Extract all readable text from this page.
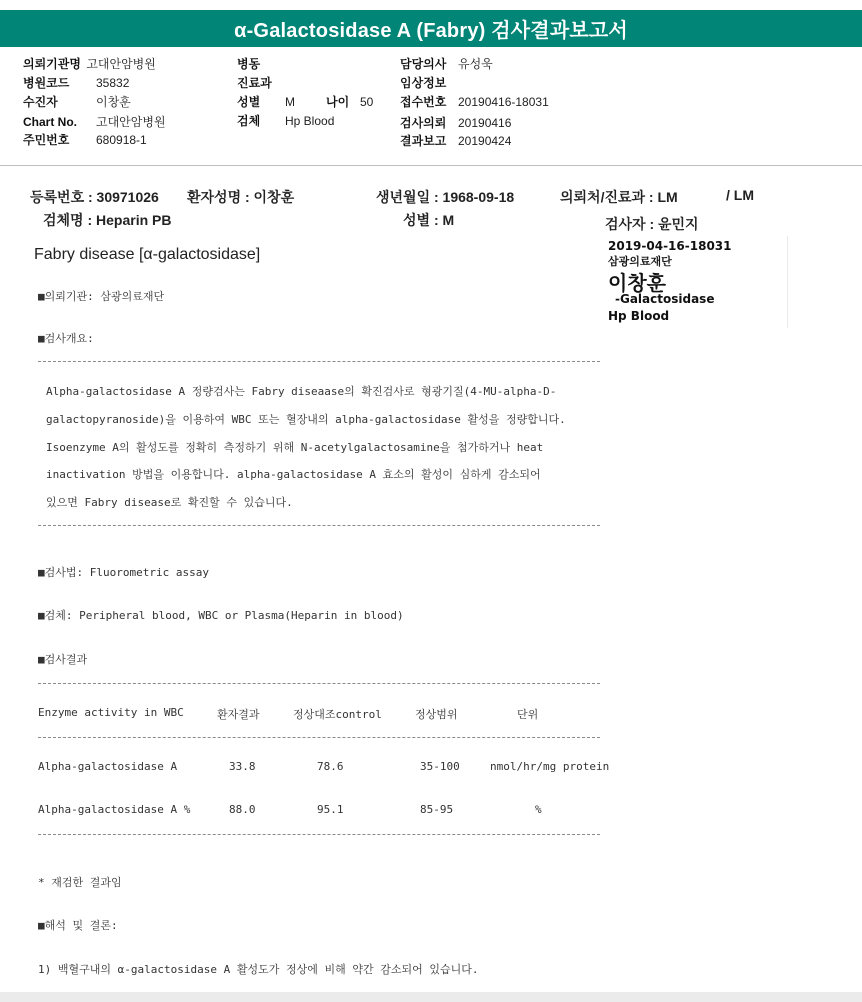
α-Galactosidase A (Fabry) 검사결과보고서
의뢰기관명 고대안암병원
병원코드 35832
수진자	이창훈
Chart No. 고대안암병원
주민번호 680918-1
병동
진료과
성별 M	나이 50
검체 Hp Blood
담당의사 유성욱
임상정보
접수번호 20190416-18031
검사의뢰 20190416
결과보고 20190424
등록번호 : 30971026 환자성명 : 이창훈	생년월일 : 1968-09-18	의뢰처/진료과 : LM	/ LM
검체명 : Heparin PB	성별 : M	검사자 : 윤민지
Fabry disease [α-galactosidase]	2019-04-16-18031
삼광의료재단
이창훈
-Galactosidase
Hp Blood
■의뢰기관: 삼광의료재단
■검사개요:
Alpha-galactosidase A 정량검사는 Fabry diseaase의 확진검사로 형광기질(4-MU-alpha-D-
galactopyranoside)을 이용하여 WBC 또는 혈장내의 alpha-galactosidase 활성을 정량합니다.
Isoenzyme A의 활성도를 정확히 측정하기 위해 N-acetylgalactosamine을 첨가하거나 heat
inactivation 방법을 이용합니다. alpha-galactosidase A 효소의 활성이 심하게 감소되어
있으면 Fabry disease로 확진할 수 있습니다.
■검사법: Fluorometric assay
■검체: Peripheral blood, WBC or Plasma(Heparin in blood)
■검사결과
Enzyme activity in WBC	환자결과	정상대조control	정상범위	단위
Alpha-galactosidase A	33.8	78.6	35-100	nmol/hr/mg protein
Alpha-galactosidase A %	88.0	95.1	85-95	%
* 재검한 결과임
■해석 및 결론:
1) 백혈구내의 α-galactosidase A 활성도가 정상에 비해 약간 감소되어 있습니다.
